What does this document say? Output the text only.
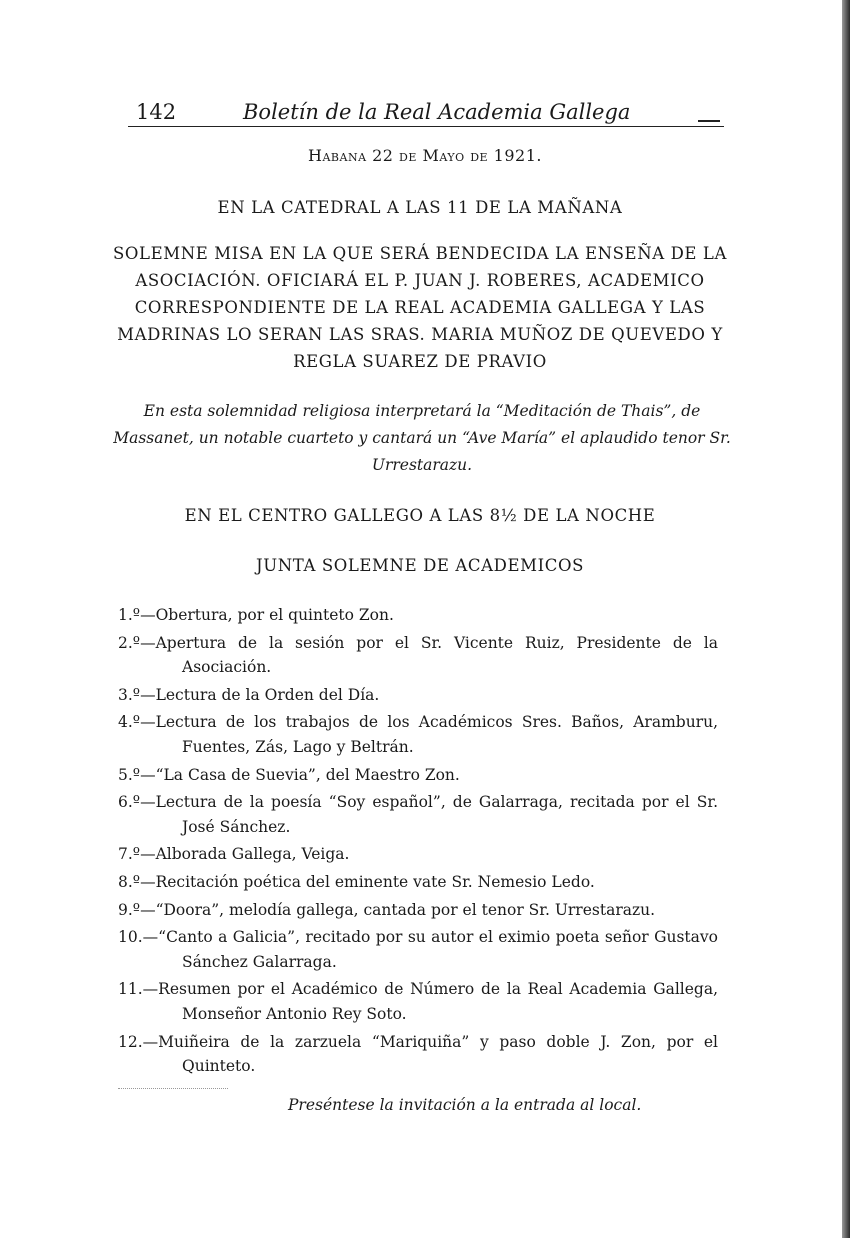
142	Boletín de la Real Academia Gallega
Habana 22 de Mayo de 1921.
EN LA CATEDRAL A LAS 11 DE LA MAÑANA
SOLEMNE MISA EN LA QUE SERÁ BENDECIDA LA ENSEÑA DE LA ASOCIACIÓN. OFICIARÁ EL P. JUAN J. ROBERES, ACADEMICO CORRESPONDIENTE DE LA REAL ACADEMIA GALLEGA Y LAS MADRINAS LO SERAN LAS SRAS. MARIA MUÑOZ DE QUEVEDO Y REGLA SUAREZ DE PRAVIO
En esta solemnidad religiosa interpretará la “Meditación de Thais”, de Massanet, un notable cuarteto y cantará un “Ave María” el aplaudido tenor Sr. Urrestarazu.
EN EL CENTRO GALLEGO A LAS 8½ DE LA NOCHE
JUNTA SOLEMNE DE ACADEMICOS
1.º—Obertura, por el quinteto Zon.
2.º—Apertura de la sesión por el Sr. Vicente Ruiz, Presidente de la Asociación.
3.º—Lectura de la Orden del Día.
4.º—Lectura de los trabajos de los Académicos Sres. Baños, Aramburu, Fuentes, Zás, Lago y Beltrán.
5.º—“La Casa de Suevia”, del Maestro Zon.
6.º—Lectura de la poesía “Soy español”, de Galarraga, recitada por el Sr. José Sánchez.
7.º—Alborada Gallega, Veiga.
8.º—Recitación poética del eminente vate Sr. Nemesio Ledo.
9.º—“Doora”, melodía gallega, cantada por el tenor Sr. Urrestarazu.
10.—“Canto a Galicia”, recitado por su autor el eximio poeta señor Gustavo Sánchez Galarraga.
11.—Resumen por el Académico de Número de la Real Academia Gallega, Monseñor Antonio Rey Soto.
12.—Muiñeira de la zarzuela “Mariquiña” y paso doble J. Zon, por el Quinteto.
Preséntese la invitación a la entrada al local.
